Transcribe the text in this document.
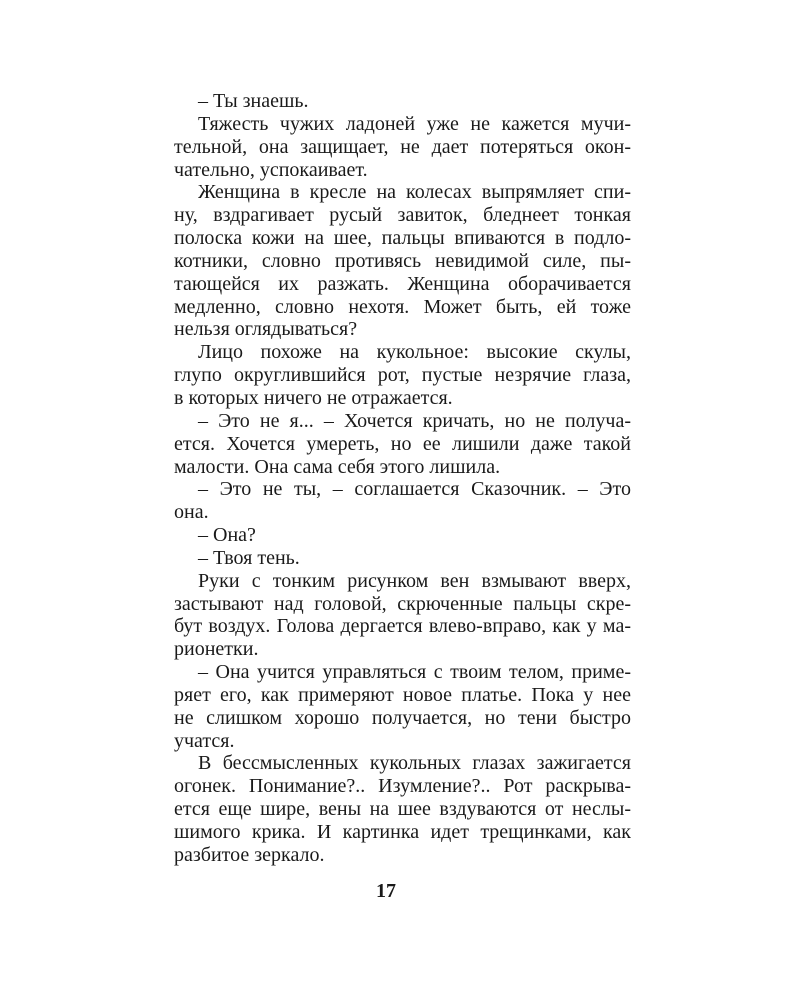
– Ты знаешь.
Тяжесть чужих ладоней уже не кажется мучи-
тельной, она защищает, не дает потеряться окон-
чательно, успокаивает.
Женщина в кресле на колесах выпрямляет спи-
ну, вздрагивает русый завиток, бледнеет тонкая
полоска кожи на шее, пальцы впиваются в подло-
котники, словно противясь невидимой силе, пы-
тающейся их разжать. Женщина оборачивается
медленно, словно нехотя. Может быть, ей тоже
нельзя оглядываться?
Лицо похоже на кукольное: высокие скулы,
глупо округлившийся рот, пустые незрячие глаза,
в которых ничего не отражается.
– Это не я... – Хочется кричать, но не получа-
ется. Хочется умереть, но ее лишили даже такой
малости. Она сама себя этого лишила.
– Это не ты, – соглашается Сказочник. – Это
она.
– Она?
– Твоя тень.
Руки с тонким рисунком вен взмывают вверх,
застывают над головой, скрюченные пальцы скре-
бут воздух. Голова дергается влево-вправо, как у ма-
рионетки.
– Она учится управляться с твоим телом, приме-
ряет его, как примеряют новое платье. Пока у нее
не слишком хорошо получается, но тени быстро
учатся.
В бессмысленных кукольных глазах зажигается
огонек. Понимание?.. Изумление?.. Рот раскрыва-
ется еще шире, вены на шее вздуваются от неслы-
шимого крика. И картинка идет трещинками, как
разбитое зеркало.
17
